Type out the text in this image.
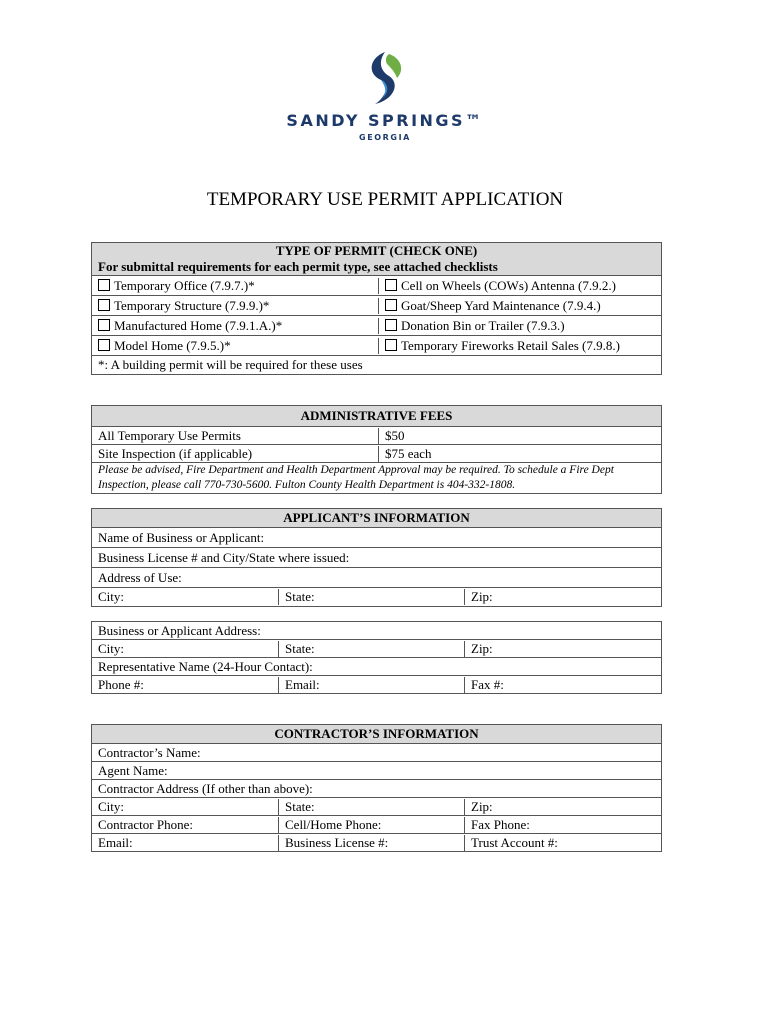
SANDY SPRINGS™
GEORGIA
TEMPORARY USE PERMIT APPLICATION
TYPE OF PERMIT (CHECK ONE)
For submittal requirements for each permit type, see attached checklists
Temporary Office (7.9.7.)*	Cell on Wheels (COWs) Antenna (7.9.2.)
Temporary Structure (7.9.9.)*	Goat/Sheep Yard Maintenance (7.9.4.)
Manufactured Home (7.9.1.A.)*	Donation Bin or Trailer (7.9.3.)
Model Home (7.9.5.)*	Temporary Fireworks Retail Sales (7.9.8.)
*: A building permit will be required for these uses
ADMINISTRATIVE FEES
All Temporary Use Permits	$50
Site Inspection (if applicable)	$75 each
Please be advised, Fire Department and Health Department Approval may be required. To schedule a Fire Dept Inspection, please call 770-730-5600. Fulton County Health Department is 404-332-1808.
APPLICANT’S INFORMATION
Name of Business or Applicant:
Business License # and City/State where issued:
Address of Use:
City:	State:	Zip:
Business or Applicant Address:
City:	State:	Zip:
Representative Name (24-Hour Contact):
Phone #:	Email:	Fax #:
CONTRACTOR’S INFORMATION
Contractor’s Name:
Agent Name:
Contractor Address (If other than above):
City:	State:	Zip:
Contractor Phone:	Cell/Home Phone:	Fax Phone:
Email:	Business License #:	Trust Account #:
